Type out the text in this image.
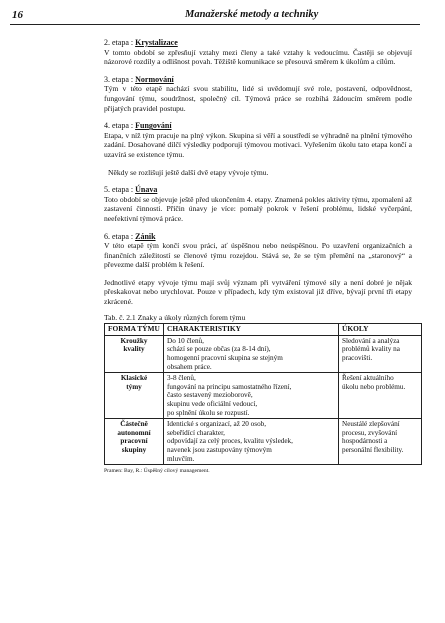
16	Manažerské metody a techniky
2. etapa : Krystalizace

V tomto období se zpřesňují vztahy mezi členy a také vztahy k vedoucímu. Častěji se objevují názorové rozdíly a odlišnost povah. Těžiště komunikace se přesouvá směrem k úkolům a cílům.

3. etapa : Normování

Tým v této etapě nachází svou stabilitu, lidé si uvědomují své role, postavení, odpovědnost, fungování týmu, soudržnost, společný cíl. Týmová práce se rozbíhá žádoucím směrem podle přijatých pravidel postupu.

4. etapa : Fungování

Etapa, v níž tým pracuje na plný výkon. Skupina si věří a soustředí se výhradně na plnění týmového zadání. Dosahované dílčí výsledky podporují týmovou motivaci. Vyřešením úkolu tato etapa končí a uzavírá se existence týmu.

Někdy se rozlišují ještě další dvě etapy vývoje týmu.

5. etapa : Únava

Toto období se objevuje ještě před ukončením 4. etapy. Znamená pokles aktivity týmu, zpomalení až zastavení činnosti. Příčin únavy je více: pomalý pokrok v řešení problému, lidské vyčerpání, neefektivní týmová práce.

6. etapa : Zánik

V této etapě tým končí svou práci, ať úspěšnou nebo neúspěšnou. Po uzavření organizačních a finančních záležitostí se členové týmu rozejdou. Stává se, že se tým přemění na „staronový“ a převezme další problém k řešení.

Jednotlivé etapy vývoje týmu mají svůj význam při vytváření týmové síly a není dobré je nějak přeskakovat nebo urychlovat. Pouze v případech, kdy tým existoval již dříve, bývají první tři etapy zkrácené.

Tab. č. 2.1 Znaky a úkoly různých forem týmu
FORMA TÝMU	CHARAKTERISTIKY	ÚKOLY

Kroužky
kvality	Do 10 členů,
schází se pouze občas (za 8-14 dní),
homogenní pracovní skupina se stejným
obsahem práce.	Sledování a analýza
problémů kvality na
pracovišti.

Klasické
týmy	3-8 členů,
fungování na principu samostatného řízení,
často sestavený mezioborově,
skupinu vede oficiální vedoucí,
po splnění úkolu se rozpustí.	Řešení aktuálního
úkolu nebo problému.

Částečně
autonomní
pracovní
skupiny	Identické s organizací, až 20 osob,
sebeřídící charakter,
odpovídají za celý proces, kvalitu výsledek,
navenek jsou zastupovány týmovým
mluvčím.	Neustálé zlepšování
procesu, zvyšování
hospodárnosti a
personální flexibility.
Pramen: Bay, R.: Úspěšný cílový management.
